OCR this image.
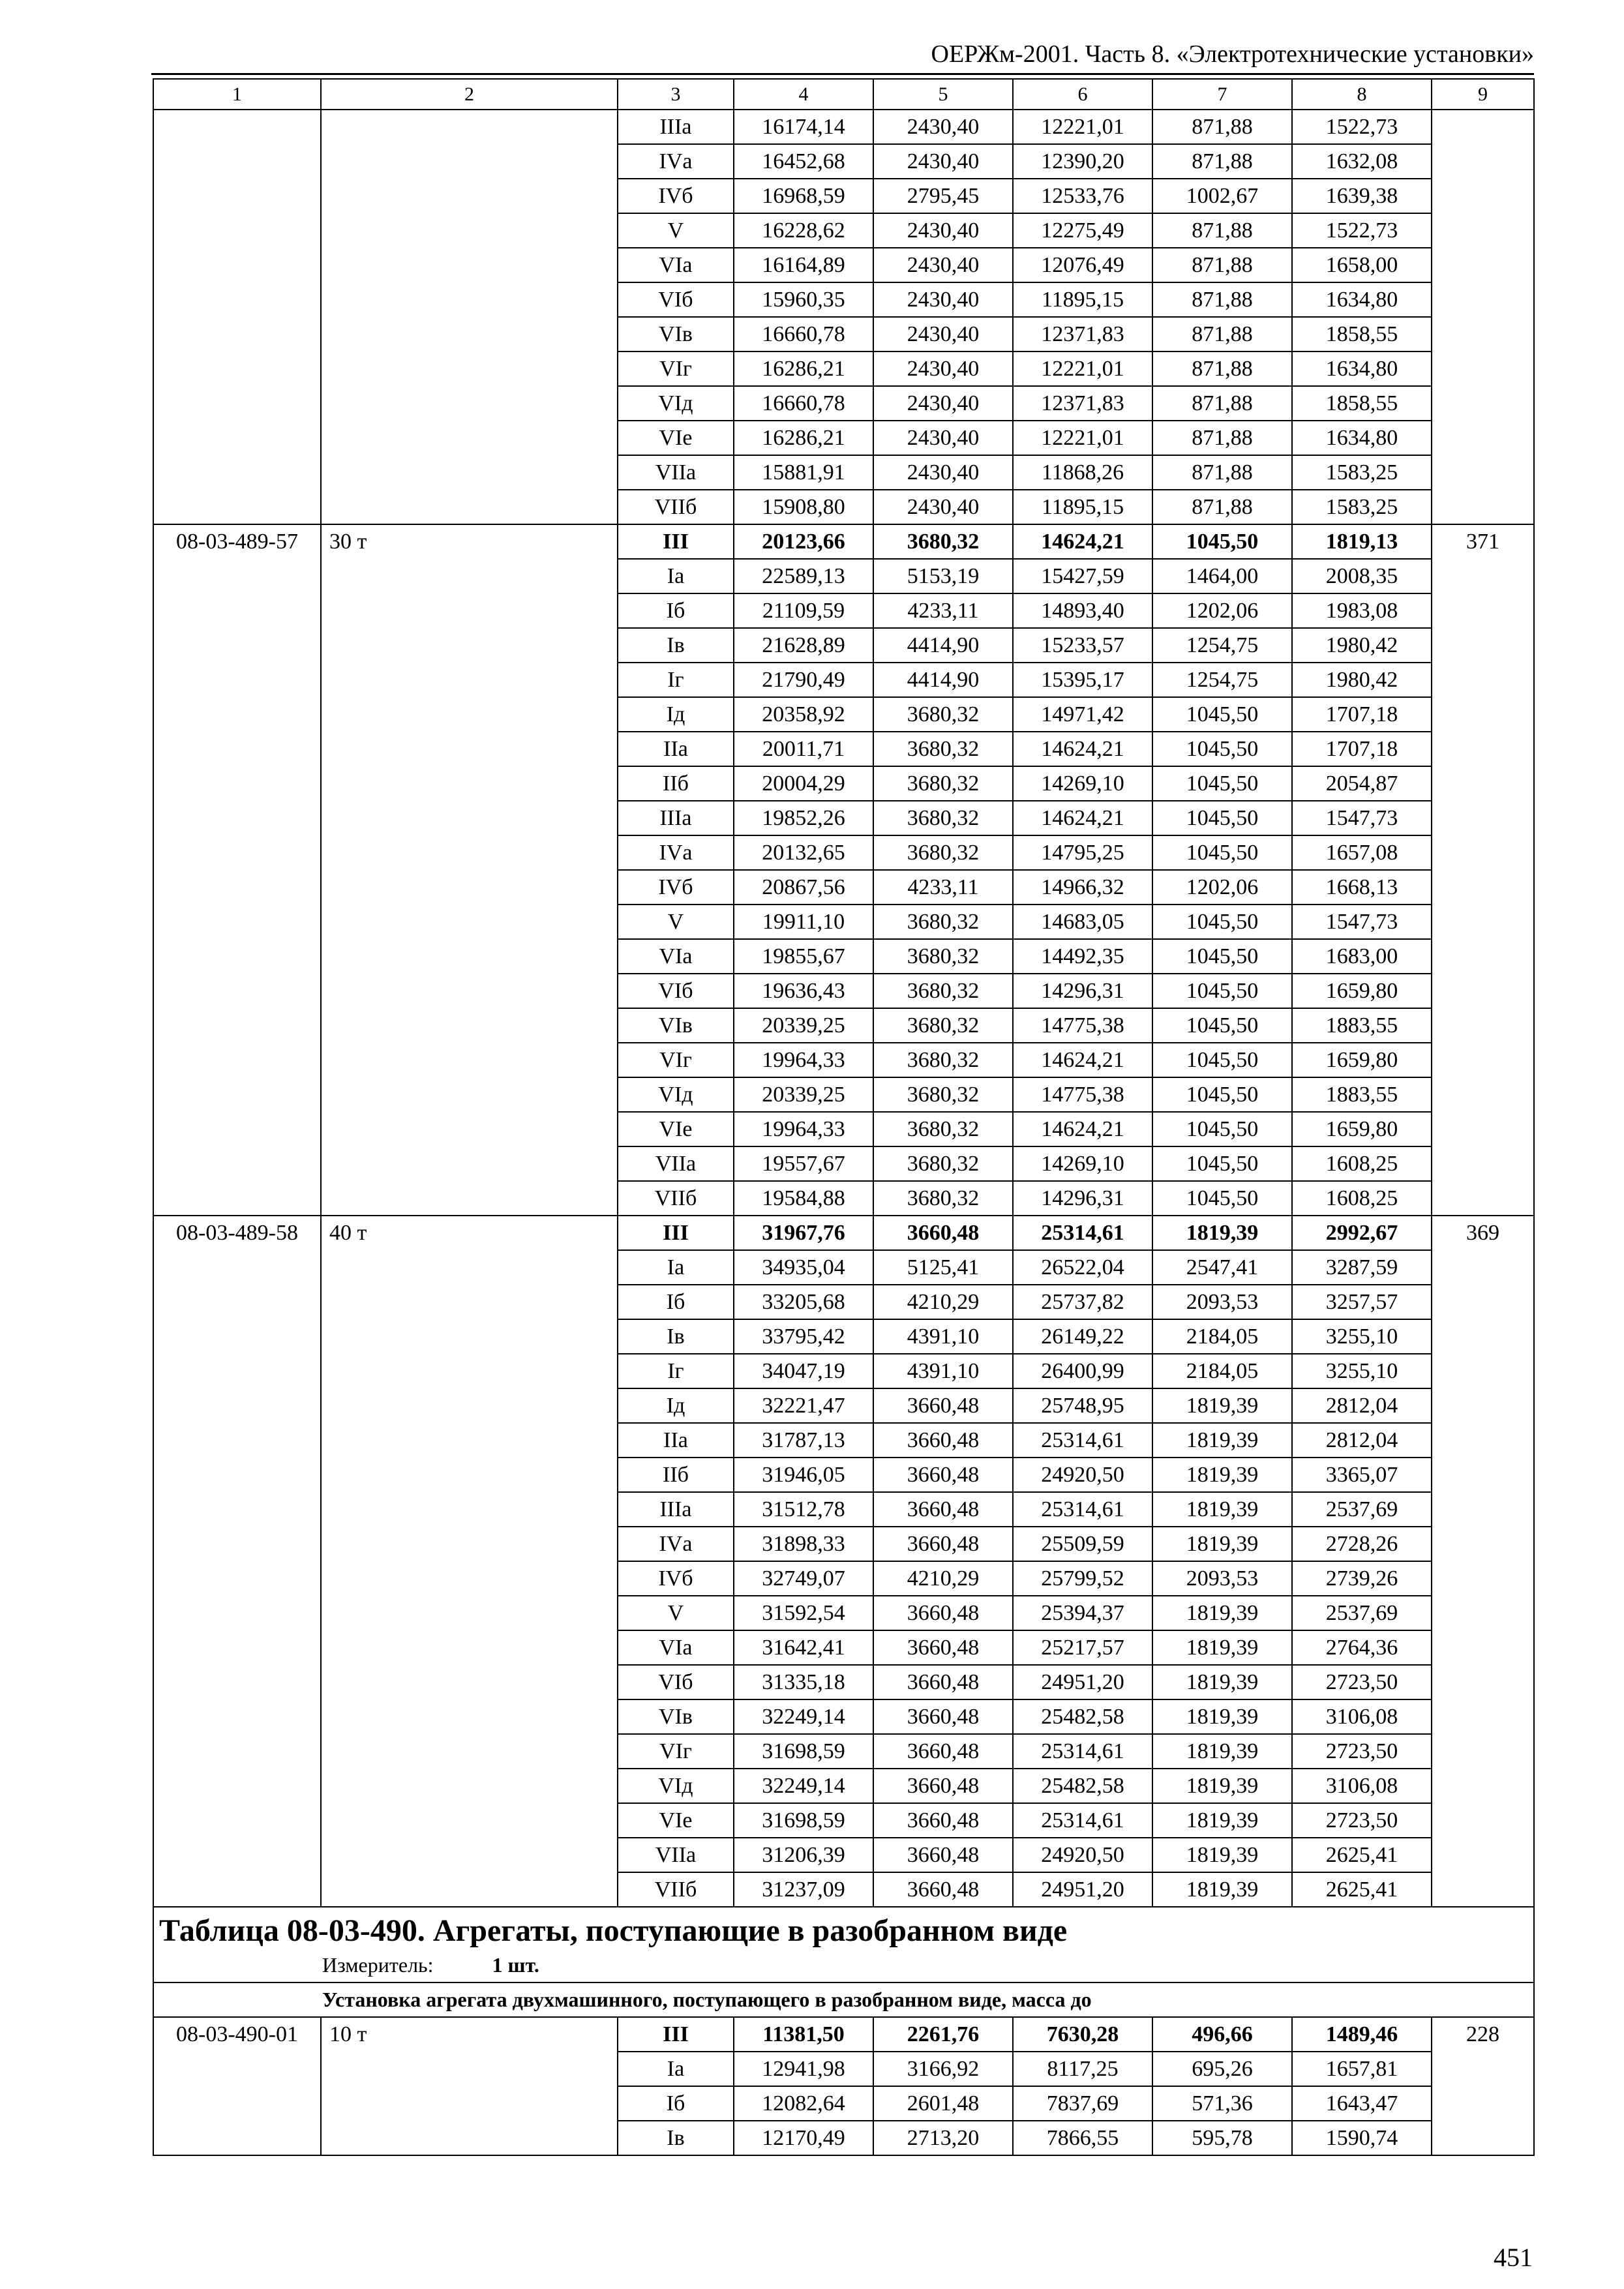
ОЕРЖм-2001. Часть 8. «Электротехнические установки»
1	2	3	4	5	6	7	8	9
		IIIа	16174,14	2430,40	12221,01	871,88	1522,73	
		IVа	16452,68	2430,40	12390,20	871,88	1632,08	
		IVб	16968,59	2795,45	12533,76	1002,67	1639,38	
		V	16228,62	2430,40	12275,49	871,88	1522,73	
		VIа	16164,89	2430,40	12076,49	871,88	1658,00	
		VIб	15960,35	2430,40	11895,15	871,88	1634,80	
		VIв	16660,78	2430,40	12371,83	871,88	1858,55	
		VIг	16286,21	2430,40	12221,01	871,88	1634,80	
		VIд	16660,78	2430,40	12371,83	871,88	1858,55	
		VIе	16286,21	2430,40	12221,01	871,88	1634,80	
		VIIа	15881,91	2430,40	11868,26	871,88	1583,25	
		VIIб	15908,80	2430,40	11895,15	871,88	1583,25	
08-03-489-57	30 т	III	20123,66	3680,32	14624,21	1045,50	1819,13	371
		Iа	22589,13	5153,19	15427,59	1464,00	2008,35	
		Iб	21109,59	4233,11	14893,40	1202,06	1983,08	
		Iв	21628,89	4414,90	15233,57	1254,75	1980,42	
		Iг	21790,49	4414,90	15395,17	1254,75	1980,42	
		Iд	20358,92	3680,32	14971,42	1045,50	1707,18	
		IIа	20011,71	3680,32	14624,21	1045,50	1707,18	
		IIб	20004,29	3680,32	14269,10	1045,50	2054,87	
		IIIа	19852,26	3680,32	14624,21	1045,50	1547,73	
		IVа	20132,65	3680,32	14795,25	1045,50	1657,08	
		IVб	20867,56	4233,11	14966,32	1202,06	1668,13	
		V	19911,10	3680,32	14683,05	1045,50	1547,73	
		VIа	19855,67	3680,32	14492,35	1045,50	1683,00	
		VIб	19636,43	3680,32	14296,31	1045,50	1659,80	
		VIв	20339,25	3680,32	14775,38	1045,50	1883,55	
		VIг	19964,33	3680,32	14624,21	1045,50	1659,80	
		VIд	20339,25	3680,32	14775,38	1045,50	1883,55	
		VIе	19964,33	3680,32	14624,21	1045,50	1659,80	
		VIIа	19557,67	3680,32	14269,10	1045,50	1608,25	
		VIIб	19584,88	3680,32	14296,31	1045,50	1608,25	
08-03-489-58	40 т	III	31967,76	3660,48	25314,61	1819,39	2992,67	369
		Iа	34935,04	5125,41	26522,04	2547,41	3287,59	
		Iб	33205,68	4210,29	25737,82	2093,53	3257,57	
		Iв	33795,42	4391,10	26149,22	2184,05	3255,10	
		Iг	34047,19	4391,10	26400,99	2184,05	3255,10	
		Iд	32221,47	3660,48	25748,95	1819,39	2812,04	
		IIа	31787,13	3660,48	25314,61	1819,39	2812,04	
		IIб	31946,05	3660,48	24920,50	1819,39	3365,07	
		IIIа	31512,78	3660,48	25314,61	1819,39	2537,69	
		IVа	31898,33	3660,48	25509,59	1819,39	2728,26	
		IVб	32749,07	4210,29	25799,52	2093,53	2739,26	
		V	31592,54	3660,48	25394,37	1819,39	2537,69	
		VIа	31642,41	3660,48	25217,57	1819,39	2764,36	
		VIб	31335,18	3660,48	24951,20	1819,39	2723,50	
		VIв	32249,14	3660,48	25482,58	1819,39	3106,08	
		VIг	31698,59	3660,48	25314,61	1819,39	2723,50	
		VIд	32249,14	3660,48	25482,58	1819,39	3106,08	
		VIе	31698,59	3660,48	25314,61	1819,39	2723,50	
		VIIа	31206,39	3660,48	24920,50	1819,39	2625,41	
		VIIб	31237,09	3660,48	24951,20	1819,39	2625,41	

Таблица 08-03-490. Агрегаты, поступающие в разобранном виде
Измеритель: 1 шт.								

Установка агрегата двухмашинного, поступающего в разобранном виде, масса до								
08-03-490-01	10 т	III	11381,50	2261,76	7630,28	496,66	1489,46	228
		Iа	12941,98	3166,92	8117,25	695,26	1657,81	
		Iб	12082,64	2601,48	7837,69	571,36	1643,47	
		Iв	12170,49	2713,20	7866,55	595,78	1590,74	
451
